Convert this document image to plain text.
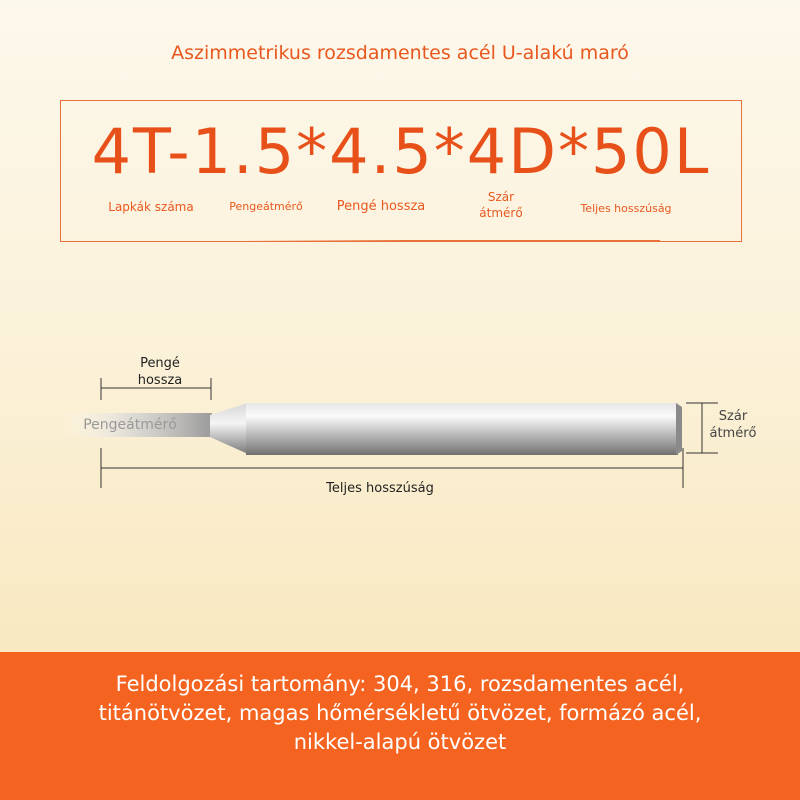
Aszimmetrikus rozsdamentes acél U-alakú maró
4T-1.5*4.5*4D*50L
Lapkák száma	Pengeátmérő	Pengé hossza
Szár
átmérő	Teljes hosszúság
Pengé
hossza
Pengeátmérő
Szár
átmérő
Teljes hosszúság
Feldolgozási tartomány: 304, 316, rozsdamentes acél,
titánötvözet, magas hőmérsékletű ötvözet, formázó acél,
nikkel-alapú ötvözet
